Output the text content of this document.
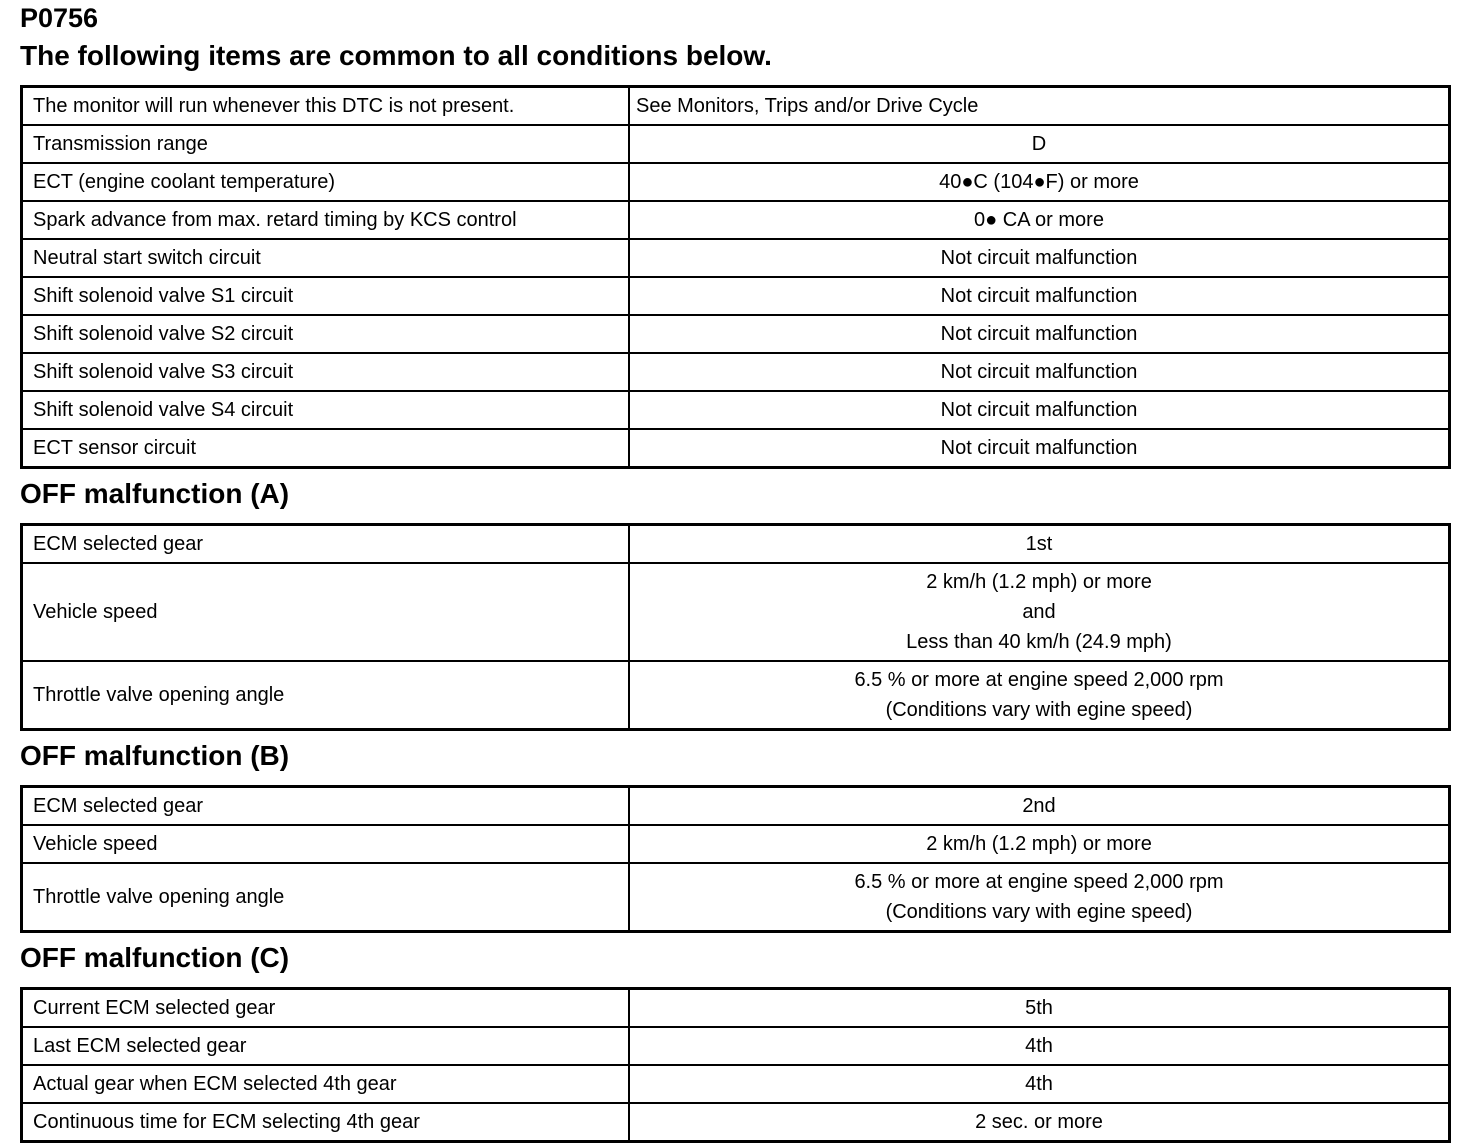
P0756
The following items are common to all conditions below.
The monitor will run whenever this DTC is not present.	See Monitors, Trips and/or Drive Cycle
Transmission range	D
ECT (engine coolant temperature)	40●C (104●F) or more
Spark advance from max. retard timing by KCS control	0● CA or more
Neutral start switch circuit	Not circuit malfunction
Shift solenoid valve S1 circuit	Not circuit malfunction
Shift solenoid valve S2 circuit	Not circuit malfunction
Shift solenoid valve S3 circuit	Not circuit malfunction
Shift solenoid valve S4 circuit	Not circuit malfunction
ECT sensor circuit	Not circuit malfunction
OFF malfunction (A)
ECM selected gear	1st

Vehicle speed	2 km/h (1.2 mph) or more
and
Less than 40 km/h (24.9 mph)

Throttle valve opening angle	6.5 % or more at engine speed 2,000 rpm
(Conditions vary with egine speed)
OFF malfunction (B)
ECM selected gear	2nd

Vehicle speed	2 km/h (1.2 mph) or more

Throttle valve opening angle	6.5 % or more at engine speed 2,000 rpm
(Conditions vary with egine speed)
OFF malfunction (C)
Current ECM selected gear	5th

Last ECM selected gear	4th

Actual gear when ECM selected 4th gear	4th

Continuous time for ECM selecting 4th gear	2 sec. or more
